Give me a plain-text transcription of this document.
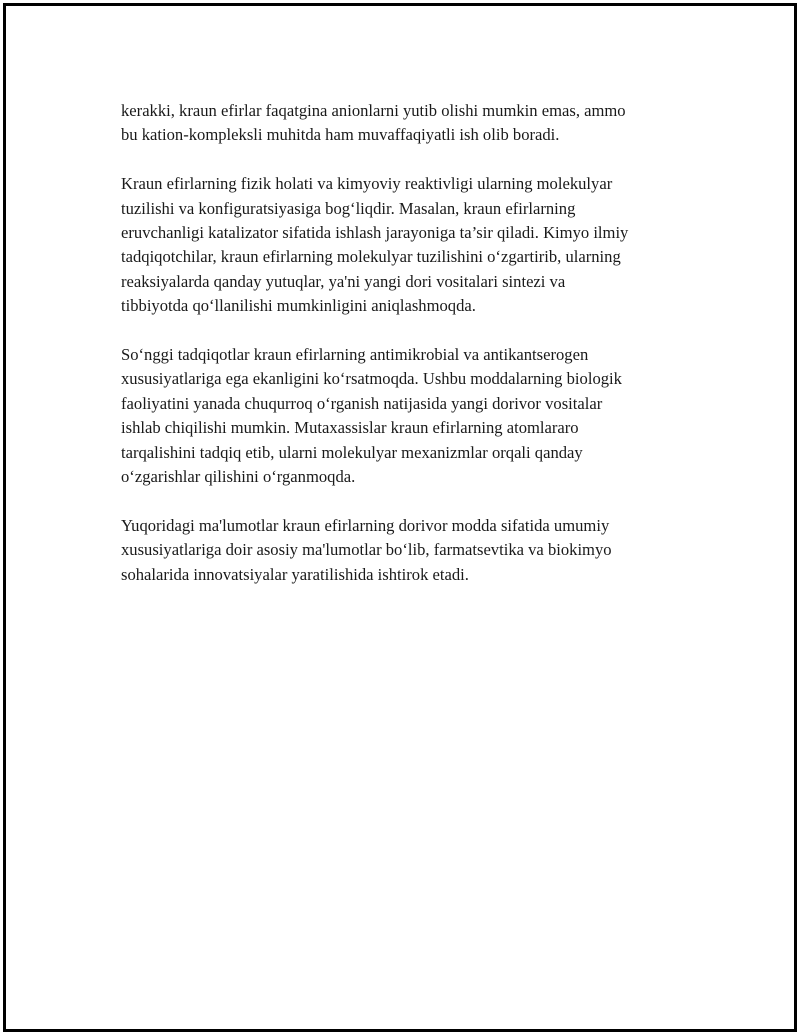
kerakki, kraun efirlar faqatgina anionlarni yutib olishi mumkin emas, ammo
bu kation-kompleksli muhitda ham muvaffaqiyatli ish olib boradi.

Kraun efirlarning fizik holati va kimyoviy reaktivligi ularning molekulyar
tuzilishi va konfiguratsiyasiga bog‘liqdir. Masalan, kraun efirlarning
eruvchanligi katalizator sifatida ishlash jarayoniga ta’sir qiladi. Kimyo ilmiy
tadqiqotchilar, kraun efirlarning molekulyar tuzilishini o‘zgartirib, ularning
reaksiyalarda qanday yutuqlar, ya'ni yangi dori vositalari sintezi va
tibbiyotda qo‘llanilishi mumkinligini aniqlashmoqda.

So‘nggi tadqiqotlar kraun efirlarning antimikrobial va antikantserogen
xususiyatlariga ega ekanligini ko‘rsatmoqda. Ushbu moddalarning biologik
faoliyatini yanada chuqurroq o‘rganish natijasida yangi dorivor vositalar
ishlab chiqilishi mumkin. Mutaxassislar kraun efirlarning atomlararo
tarqalishini tadqiq etib, ularni molekulyar mexanizmlar orqali qanday
o‘zgarishlar qilishini o‘rganmoqda.

Yuqoridagi ma'lumotlar kraun efirlarning dorivor modda sifatida umumiy
xususiyatlariga doir asosiy ma'lumotlar bo‘lib, farmatsevtika va biokimyo
sohalarida innovatsiyalar yaratilishida ishtirok etadi.
